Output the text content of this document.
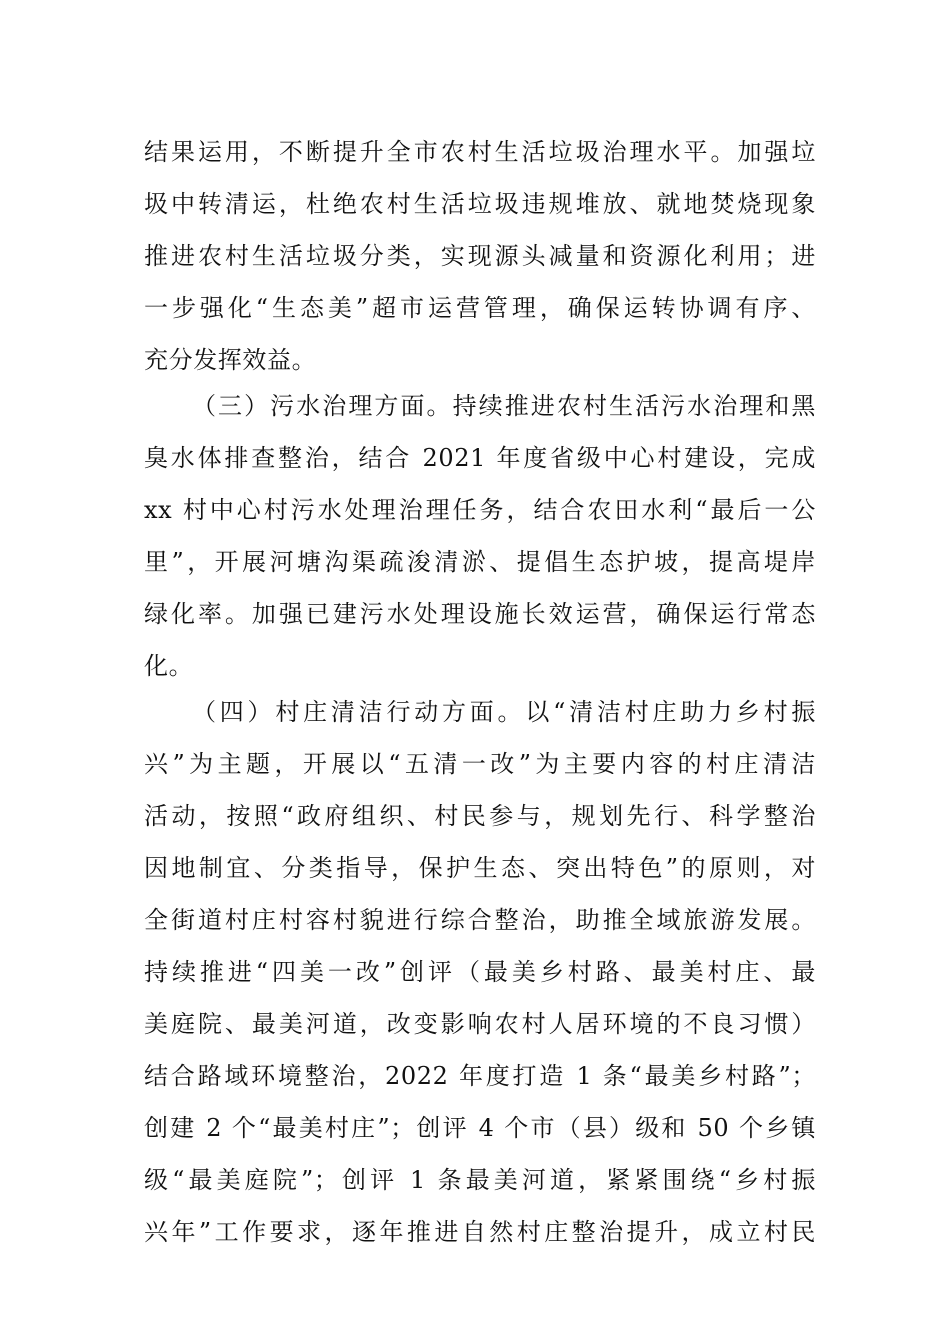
结果运用，不断提升全市农村生活垃圾治理水平。加强垃
圾中转清运，杜绝农村生活垃圾违规堆放、就地焚烧现象
推进农村生活垃圾分类，实现源头减量和资源化利用；进
一步强化“生态美”超市运营管理，确保运转协调有序、
充分发挥效益。
（三）污水治理方面。持续推进农村生活污水治理和黑
臭水体排查整治，结合 2021 年度省级中心村建设，完成
xx 村中心村污水处理治理任务，结合农田水利“最后一公
里”，开展河塘沟渠疏浚清淤、提倡生态护坡，提高堤岸
绿化率。加强已建污水处理设施长效运营，确保运行常态
化。
（四）村庄清洁行动方面。以“清洁村庄助力乡村振
兴”为主题，开展以“五清一改”为主要内容的村庄清洁
活动，按照“政府组织、村民参与，规划先行、科学整治
因地制宜、分类指导，保护生态、突出特色”的原则，对
全街道村庄村容村貌进行综合整治，助推全域旅游发展。
持续推进“四美一改”创评（最美乡村路、最美村庄、最
美庭院、最美河道，改变影响农村人居环境的不良习惯）
结合路域环境整治，2022 年度打造 1 条“最美乡村路”；
创建 2 个“最美村庄”；创评 4 个市（县）级和 50 个乡镇
级“最美庭院”；创评 1 条最美河道，紧紧围绕“乡村振
兴年”工作要求，逐年推进自然村庄整治提升，成立村民
